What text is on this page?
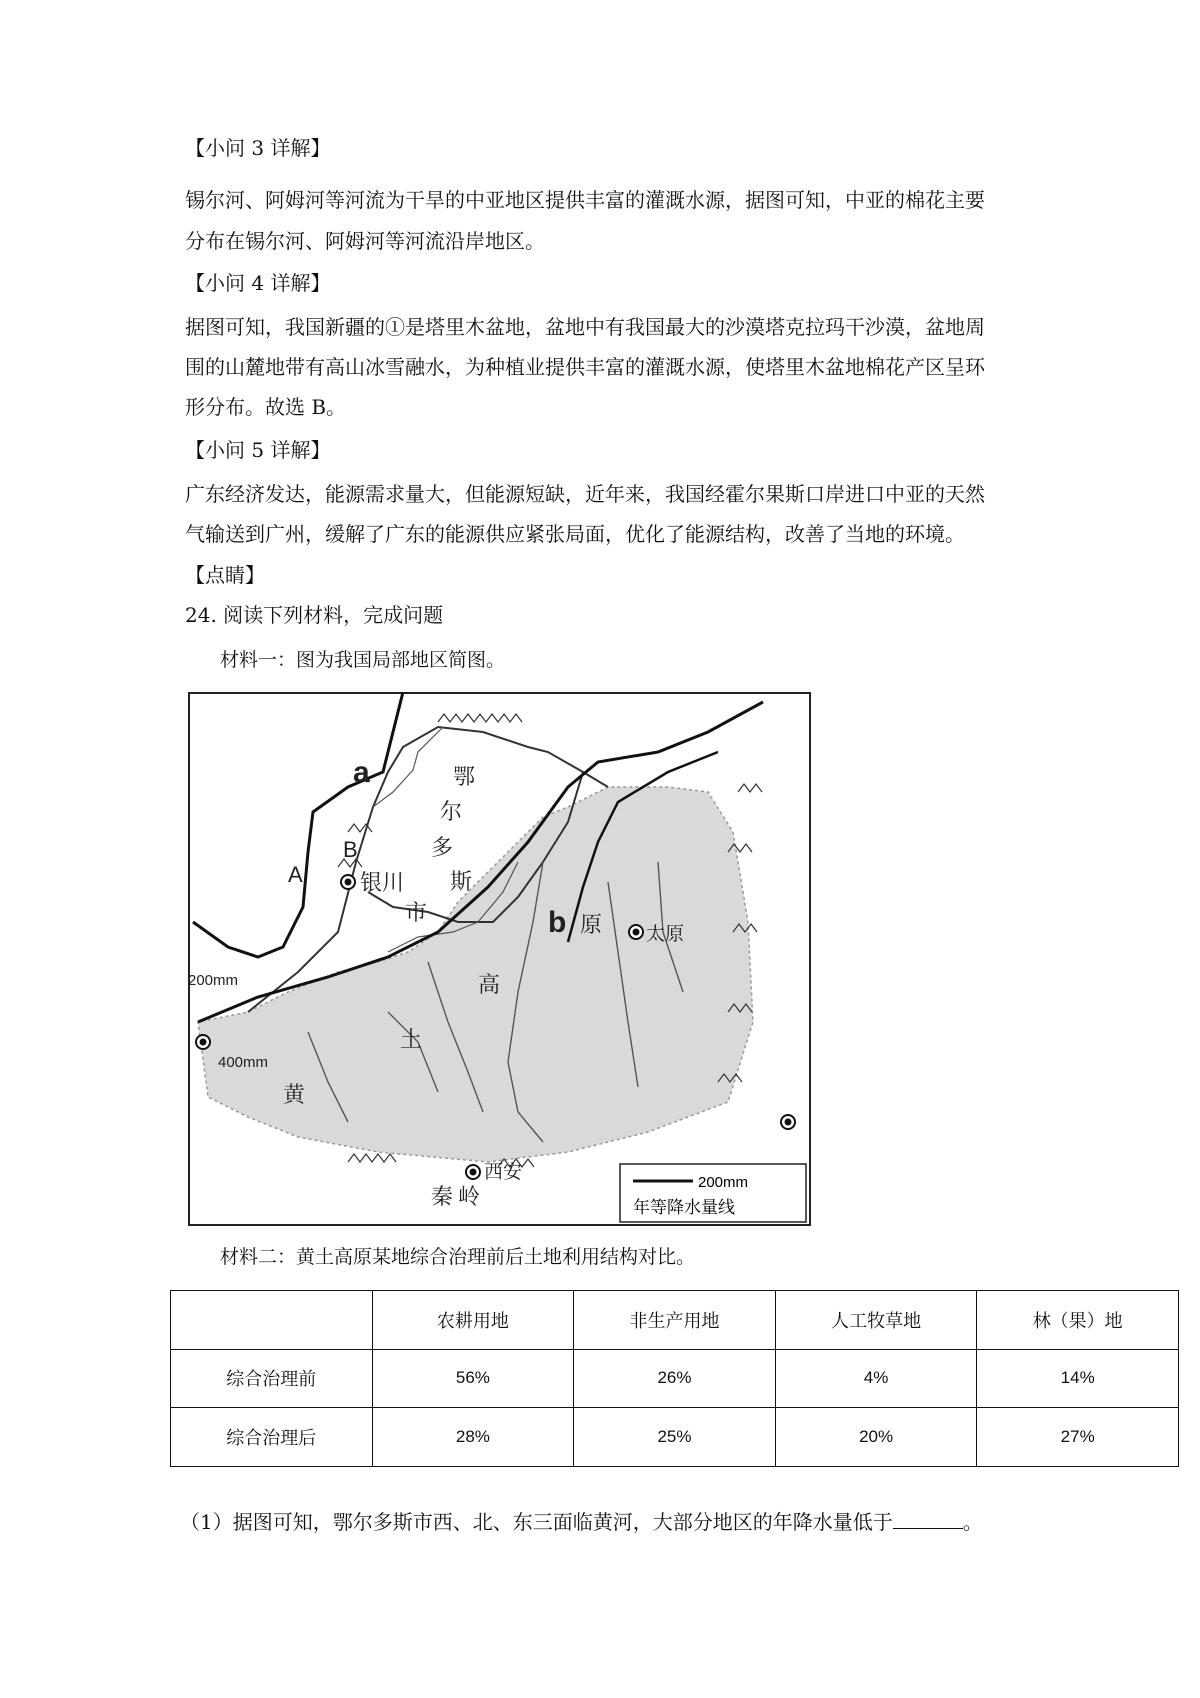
【小问 3 详解】
锡尔河、阿姆河等河流为干旱的中亚地区提供丰富的灌溉水源，据图可知，中亚的棉花主要
分布在锡尔河、阿姆河等河流沿岸地区。
【小问 4 详解】
据图可知，我国新疆的①是塔里木盆地，盆地中有我国最大的沙漠塔克拉玛干沙漠，盆地周
围的山麓地带有高山冰雪融水，为种植业提供丰富的灌溉水源，使塔里木盆地棉花产区呈环
形分布。故选 B。
【小问 5 详解】
广东经济发达，能源需求量大，但能源短缺，近年来，我国经霍尔果斯口岸进口中亚的天然
气输送到广州，缓解了广东的能源供应紧张局面，优化了能源结构，改善了当地的环境。
【点睛】
24. 阅读下列材料，完成问题
材料一：图为我国局部地区简图。
a
b
A
B
银川
太原
西安
鄂
尔
多
斯
市	原
高
土
黄
秦 岭
200mm
400mm
200mm
年等降水量线
材料二：黄土高原某地综合治理前后土地利用结构对比。
	农耕用地	非生产用地	人工牧草地	林（果）地
综合治理前	56%	26%	4%	14%
综合治理后	28%	25%	20%	27%
（1）据图可知，鄂尔多斯市西、北、东三面临黄河，大部分地区的年降水量低于	。
